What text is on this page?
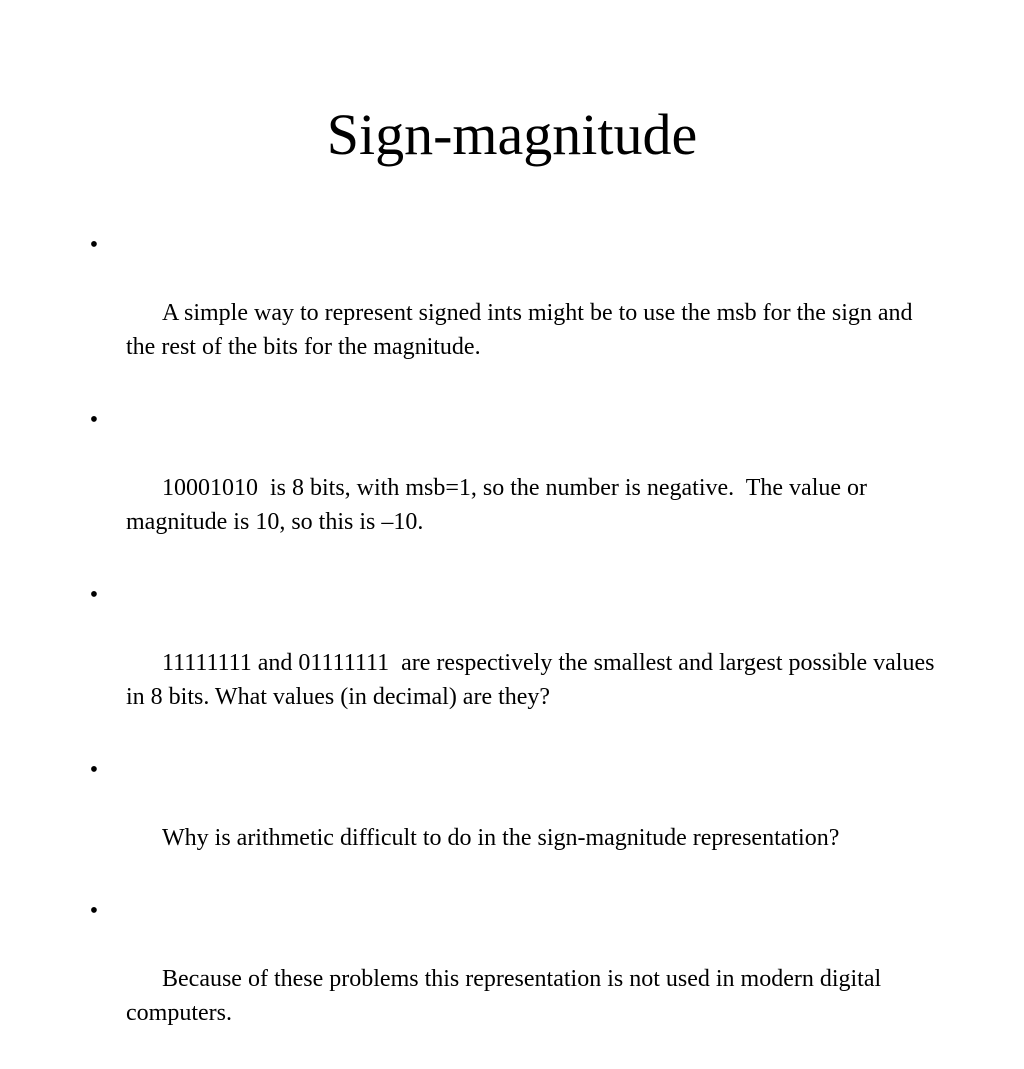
Sign-magnitude

•

A simple way to represent signed ints might be to use the msb for the sign and the rest of the bits for the magnitude.

•

10001010  is 8 bits, with msb=1, so the number is negative.  The value or magnitude is 10, so this is –10.

•

11111111 and 01111111  are respectively the smallest and largest possible values in 8 bits. What values (in decimal) are they?

•

Why is arithmetic difficult to do in the sign-magnitude representation?

•

Because of these problems this representation is not used in modern digital computers.
